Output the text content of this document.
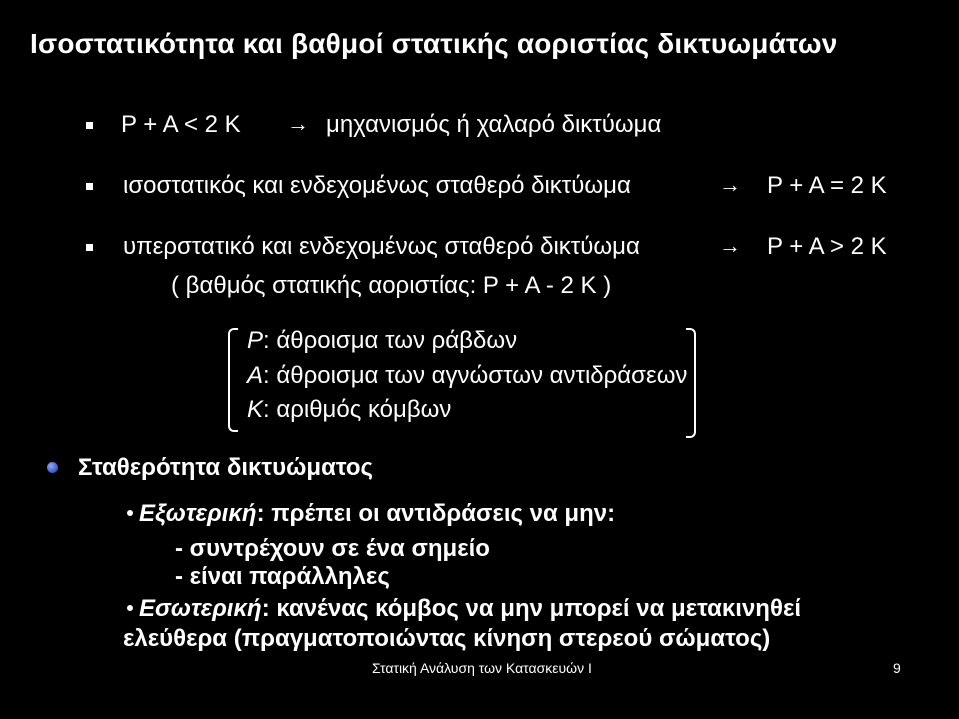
Ισοστατικότητα και βαθμοί στατικής αοριστίας δικτυωμάτων
P + A < 2 K → μηχανισμός ή χαλαρό δικτύωμα
ισοστατικός και ενδεχομένως σταθερό δικτύωμα	→ P + A = 2 K
υπερστατικό και ενδεχομένως σταθερό δικτύωμα	→ P + A > 2 K
( βαθμός στατικής αοριστίας: P + A - 2 K )
P: άθροισμα των ράβδων
A: άθροισμα των αγνώστων αντιδράσεων
K: αριθμός κόμβων
Σταθερότητα δικτυώματος
Εξωτερική: πρέπει οι αντιδράσεις να μην:
- συντρέχουν σε ένα σημείο
- είναι παράλληλες
Εσωτερική: κανένας κόμβος να μην μπορεί να μετακινηθεί
ελεύθερα (πραγματοποιώντας κίνηση στερεού σώματος)
Στατική Ανάλυση των Κατασκευών Ι	9
